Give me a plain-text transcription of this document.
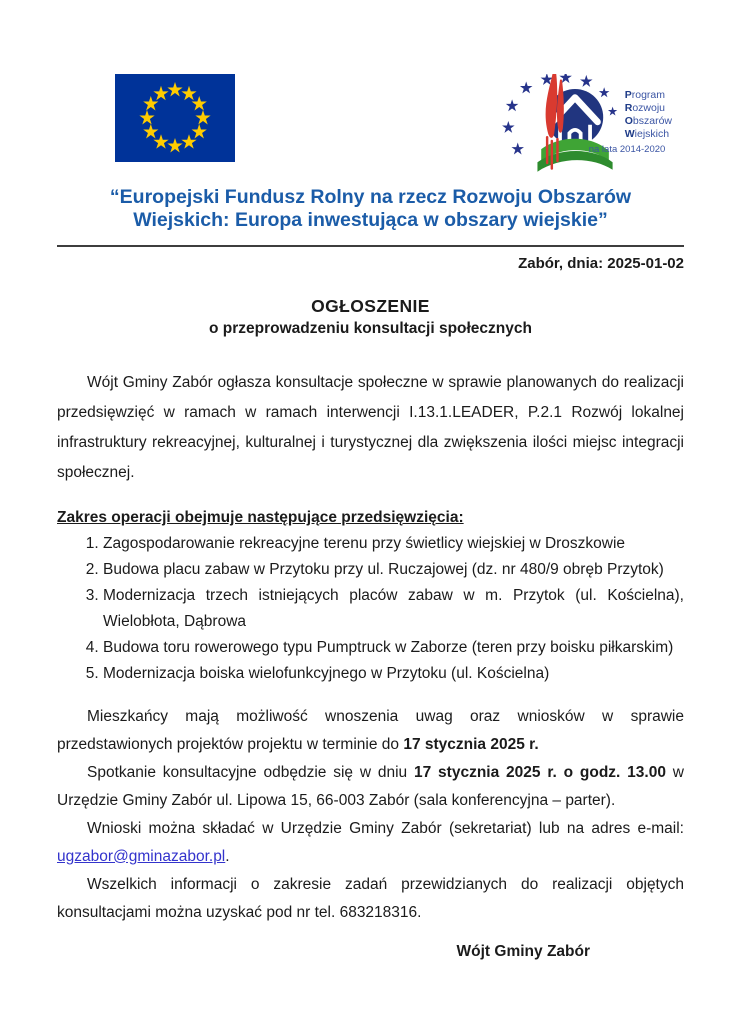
Program
Rozwoju
Obszarów
Wiejskich
na lata 2014-2020
“Europejski Fundusz Rolny na rzecz Rozwoju Obszarów Wiejskich: Europa inwestująca w obszary wiejskie”
Zabór, dnia: 2025-01-02
OGŁOSZENIE
o przeprowadzeniu konsultacji społecznych

Wójt Gminy Zabór ogłasza konsultacje społeczne w sprawie planowanych do realizacji przedsięwzięć w ramach w ramach interwencji I.13.1.LEADER, P.2.1 Rozwój lokalnej infrastruktury rekreacyjnej, kulturalnej i turystycznej dla zwiększenia ilości miejsc integracji społecznej.

Zakres operacji obejmuje następujące przedsięwzięcia:
1. Zagospodarowanie rekreacyjne terenu przy świetlicy wiejskiej w Droszkowie
2. Budowa placu zabaw w Przytoku przy ul. Ruczajowej (dz. nr 480/9 obręb Przytok)
3. Modernizacja trzech istniejących placów zabaw w m. Przytok (ul. Kościelna), Wielobłota, Dąbrowa
4. Budowa toru rowerowego typu Pumptruck w Zaborze (teren przy boisku piłkarskim)
5. Modernizacja boiska wielofunkcyjnego w Przytoku (ul. Kościelna)

Mieszkańcy mają możliwość wnoszenia uwag oraz wniosków w sprawie przedstawionych projektów projektu w terminie do 17 stycznia 2025 r.

Spotkanie konsultacyjne odbędzie się w dniu 17 stycznia 2025 r. o godz. 13.00 w Urzędzie Gminy Zabór ul. Lipowa 15, 66-003 Zabór (sala konferencyjna – parter).

Wnioski można składać w Urzędzie Gminy Zabór (sekretariat) lub na adres e-mail: ugzabor@gminazabor.pl.

Wszelkich informacji o zakresie zadań przewidzianych do realizacji objętych konsultacjami można uzyskać pod nr tel. 683218316.

Wójt Gminy Zabór
